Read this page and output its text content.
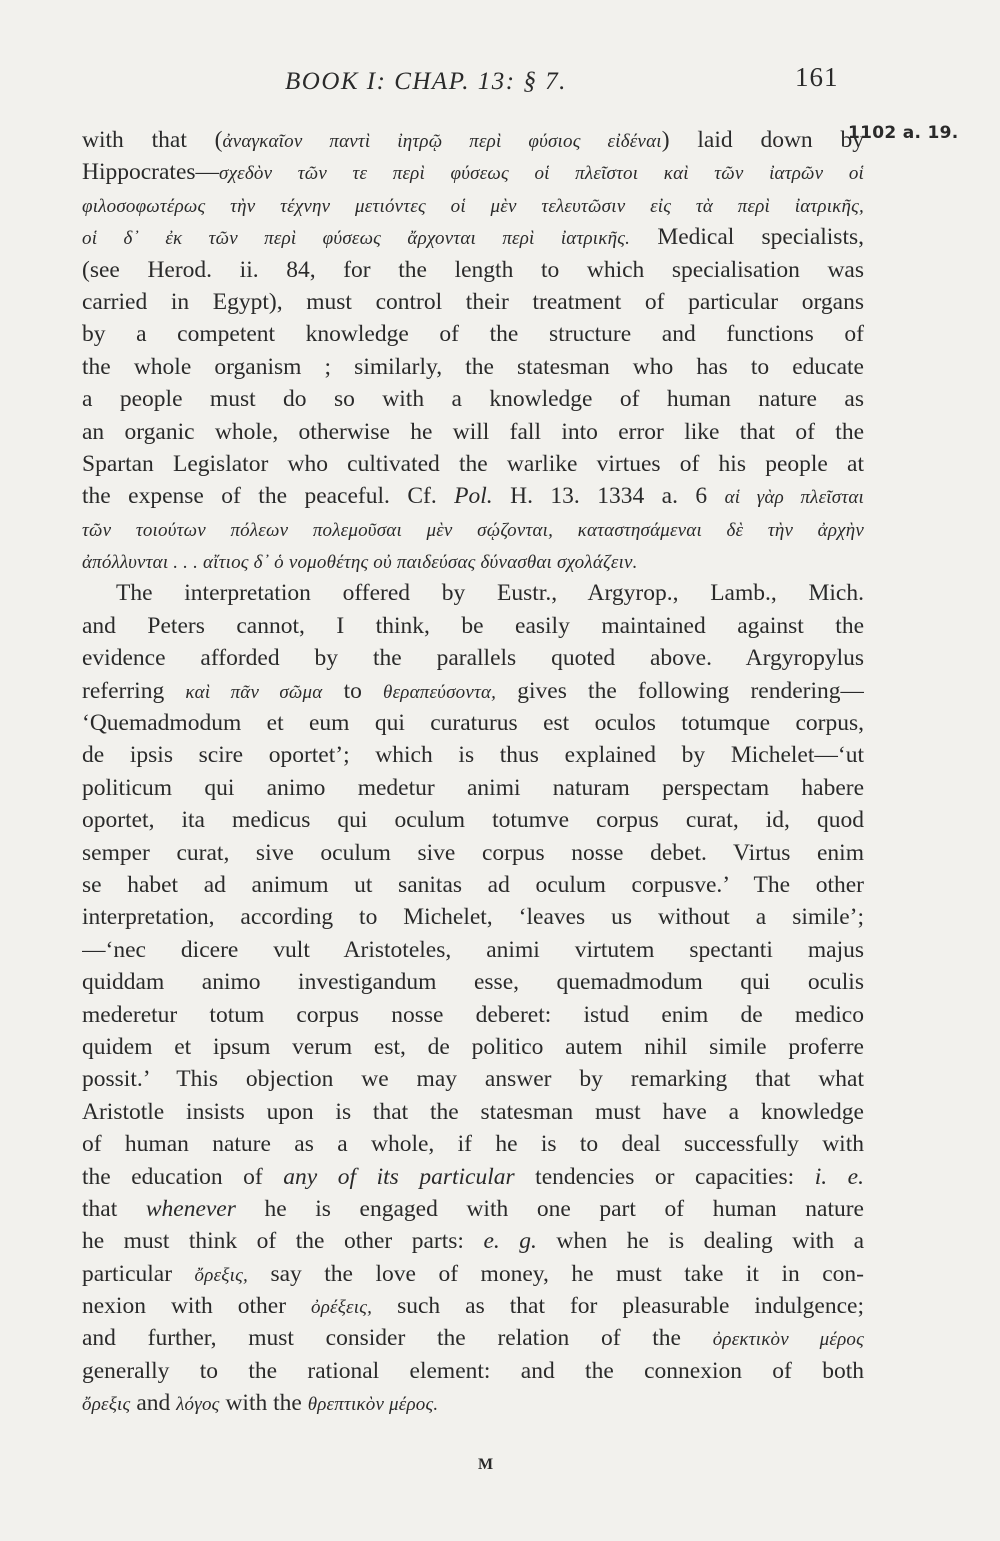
BOOK I: CHAP. 13: § 7.	161
1102 a. 19.
with that (ἀναγκαῖον παντὶ ἰητρῷ περὶ φύσιος εἰδέναι) laid down by
Hippocrates—σχεδὸν τῶν τε περὶ φύσεως οἱ πλεῖστοι καὶ τῶν ἰατρῶν οἱ
φιλοσοφωτέρως τὴν τέχνην μετιόντες οἱ μὲν τελευτῶσιν εἰς τὰ περὶ ἰατρικῆς,
οἱ δ᾽ ἐκ τῶν περὶ φύσεως ἄρχονται περὶ ἰατρικῆς. Medical specialists,
(see Herod. ii. 84, for the length to which specialisation was
carried in Egypt), must control their treatment of particular organs
by a competent knowledge of the structure and functions of
the whole organism ; similarly, the statesman who has to educate
a people must do so with a knowledge of human nature as
an organic whole, otherwise he will fall into error like that of the
Spartan Legislator who cultivated the warlike virtues of his people at
the expense of the peaceful. Cf. Pol. H. 13. 1334 a. 6 αἱ γὰρ πλεῖσται
τῶν τοιούτων πόλεων πολεμοῦσαι μὲν σῴζονται, καταστησάμεναι δὲ τὴν ἀρχὴν
ἀπόλλυνται . . . αἴτιος δ᾽ ὁ νομοθέτης οὐ παιδεύσας δύνασθαι σχολάζειν.
The interpretation offered by Eustr., Argyrop., Lamb., Mich.
and Peters cannot, I think, be easily maintained against the
evidence afforded by the parallels quoted above. Argyropylus
referring καὶ πᾶν σῶμα to θεραπεύσοντα, gives the following rendering—
‘Quemadmodum et eum qui curaturus est oculos totumque corpus,
de ipsis scire oportet’; which is thus explained by Michelet—‘ut
politicum qui animo medetur animi naturam perspectam habere
oportet, ita medicus qui oculum totumve corpus curat, id, quod
semper curat, sive oculum sive corpus nosse debet. Virtus enim
se habet ad animum ut sanitas ad oculum corpusve.’ The other
interpretation, according to Michelet, ‘leaves us without a simile’;
—‘nec dicere vult Aristoteles, animi virtutem spectanti majus
quiddam animo investigandum esse, quemadmodum qui oculis
mederetur totum corpus nosse deberet: istud enim de medico
quidem et ipsum verum est, de politico autem nihil simile proferre
possit.’ This objection we may answer by remarking that what
Aristotle insists upon is that the statesman must have a knowledge
of human nature as a whole, if he is to deal successfully with
the education of any of its particular tendencies or capacities: i. e.
that whenever he is engaged with one part of human nature
he must think of the other parts: e. g. when he is dealing with a
particular ὄρεξις, say the love of money, he must take it in con-
nexion with other ὀρέξεις, such as that for pleasurable indulgence;
and further, must consider the relation of the ὀρεκτικὸν μέρος
generally to the rational element: and the connexion of both
ὄρεξις and λόγος with the θρεπτικὸν μέρος.
M
